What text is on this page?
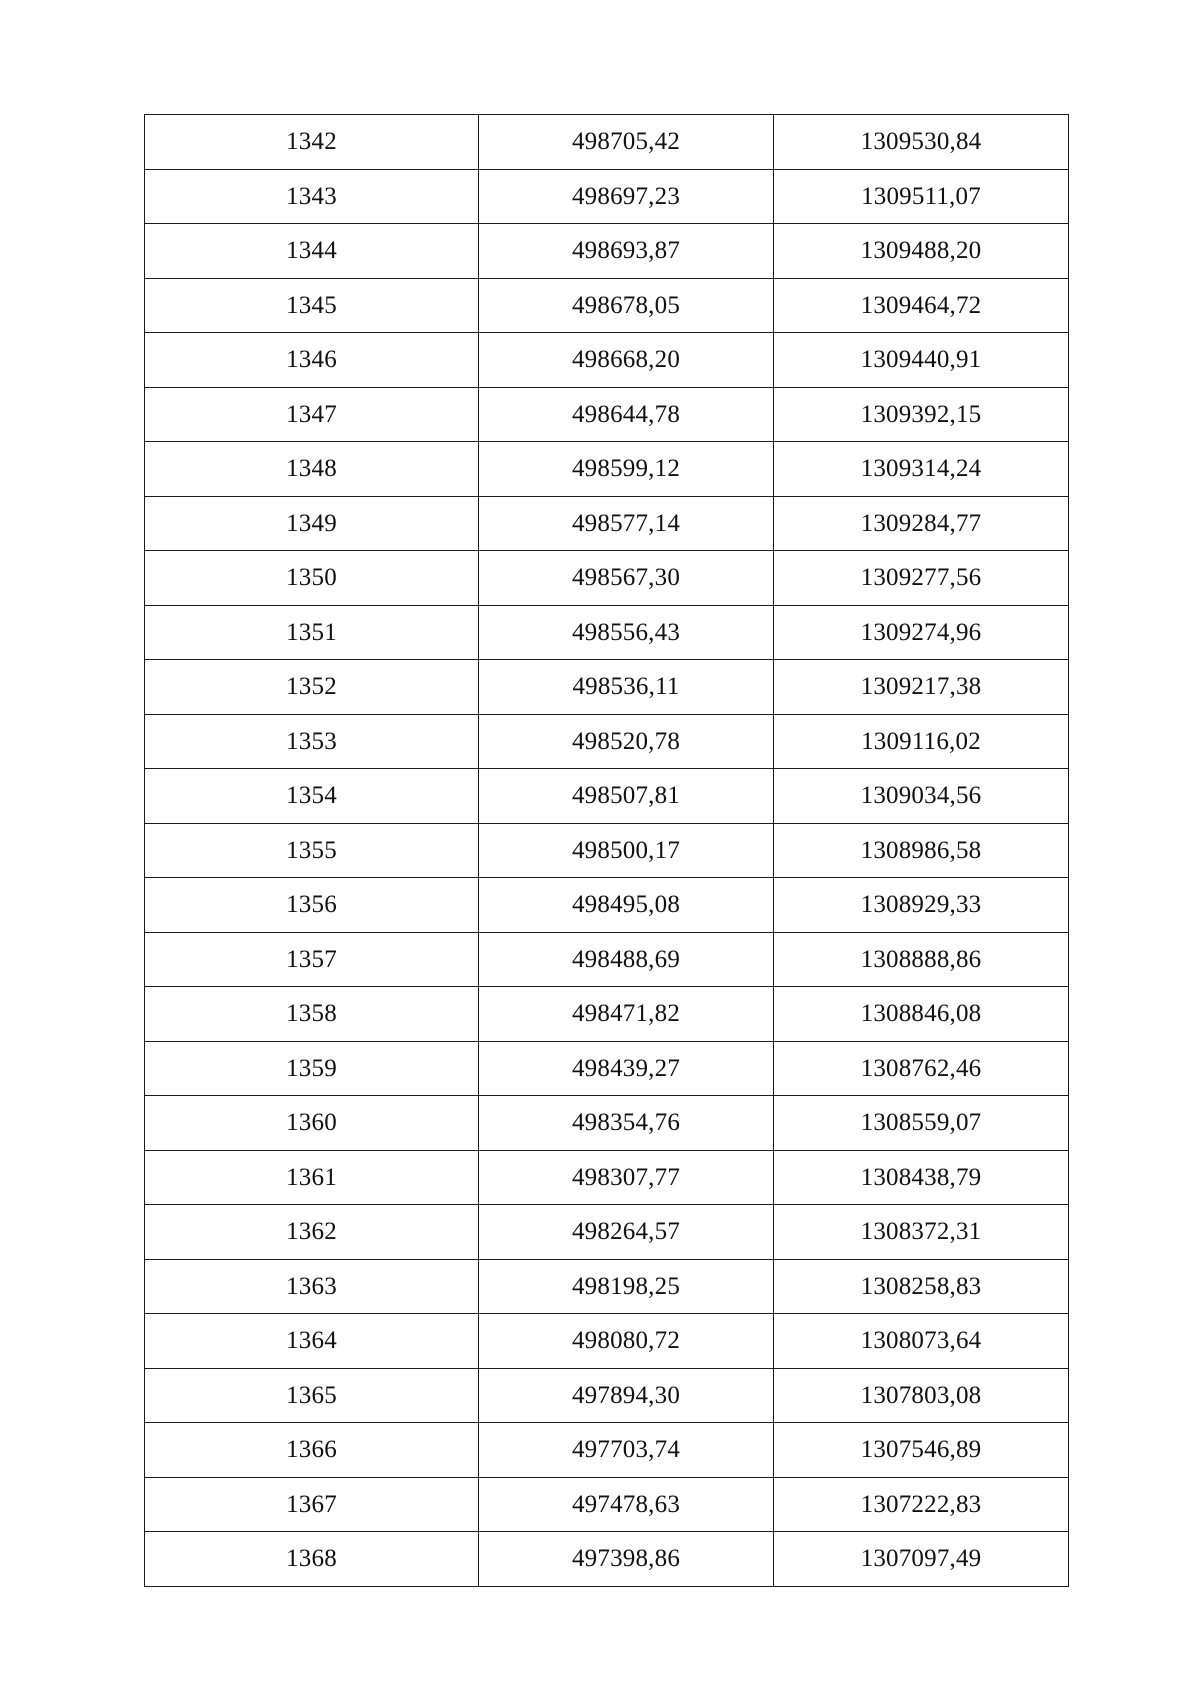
1342	498705,42	1309530,84
1343	498697,23	1309511,07
1344	498693,87	1309488,20
1345	498678,05	1309464,72
1346	498668,20	1309440,91
1347	498644,78	1309392,15
1348	498599,12	1309314,24
1349	498577,14	1309284,77
1350	498567,30	1309277,56
1351	498556,43	1309274,96
1352	498536,11	1309217,38
1353	498520,78	1309116,02
1354	498507,81	1309034,56
1355	498500,17	1308986,58
1356	498495,08	1308929,33
1357	498488,69	1308888,86
1358	498471,82	1308846,08
1359	498439,27	1308762,46
1360	498354,76	1308559,07
1361	498307,77	1308438,79
1362	498264,57	1308372,31
1363	498198,25	1308258,83
1364	498080,72	1308073,64
1365	497894,30	1307803,08
1366	497703,74	1307546,89
1367	497478,63	1307222,83
1368	497398,86	1307097,49
